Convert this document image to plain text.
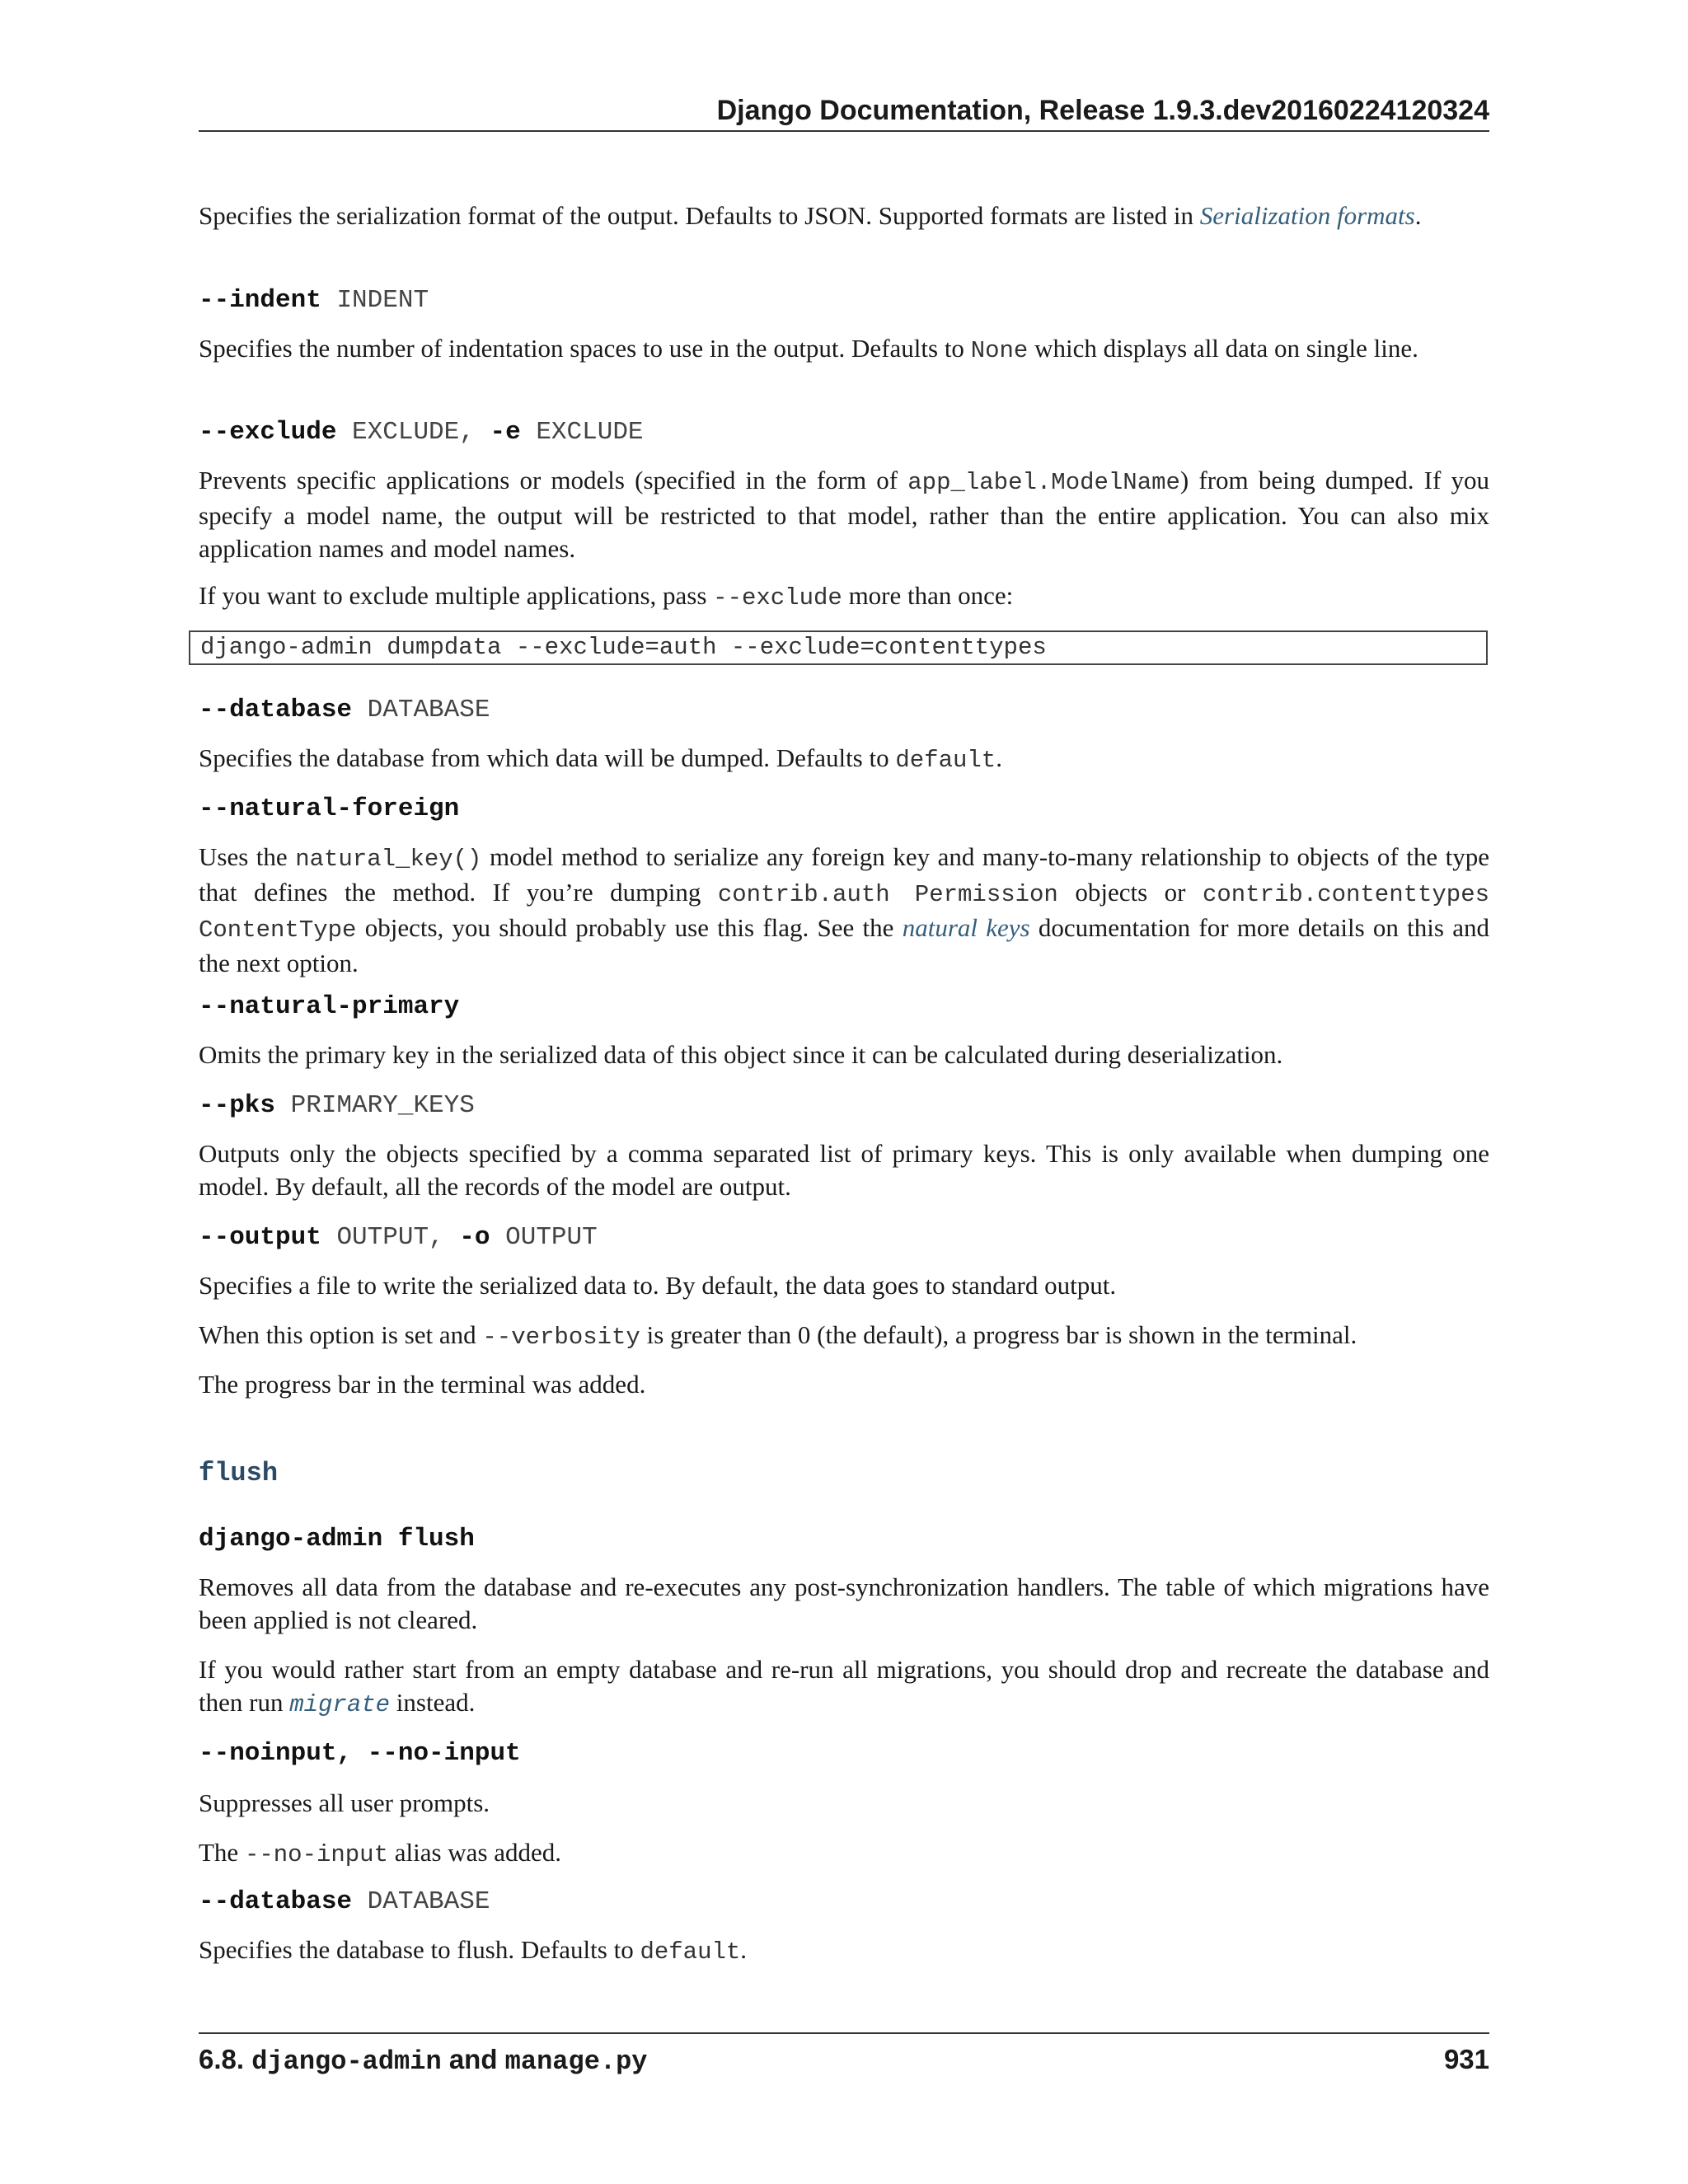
Django Documentation, Release 1.9.3.dev20160224120324

Specifies the serialization format of the output. Defaults to JSON. Supported formats are listed in Serialization formats.

--indent INDENT

Specifies the number of indentation spaces to use in the output. Defaults to None which displays all data on single line.

--exclude EXCLUDE, -e EXCLUDE

Prevents specific applications or models (specified in the form of app_label.ModelName) from being dumped. If you specify a model name, the output will be restricted to that model, rather than the entire application. You can also mix application names and model names.

If you want to exclude multiple applications, pass --exclude more than once:

django-admin dumpdata --exclude=auth --exclude=contenttypes
--database DATABASE

Specifies the database from which data will be dumped. Defaults to default.

--natural-foreign

Uses the natural_key() model method to serialize any foreign key and many-to-many relationship to objects of the type that defines the method. If you’re dumping contrib.auth Permission objects or contrib.contenttypes ContentType objects, you should probably use this flag. See the natural keys documentation for more details on this and the next option.

--natural-primary

Omits the primary key in the serialized data of this object since it can be calculated during deserialization.

--pks PRIMARY_KEYS

Outputs only the objects specified by a comma separated list of primary keys. This is only available when dumping one model. By default, all the records of the model are output.

--output OUTPUT, -o OUTPUT

Specifies a file to write the serialized data to. By default, the data goes to standard output.

When this option is set and --verbosity is greater than 0 (the default), a progress bar is shown in the terminal.

The progress bar in the terminal was added.

flush
django-admin flush

Removes all data from the database and re-executes any post-synchronization handlers. The table of which migrations have been applied is not cleared.

If you would rather start from an empty database and re-run all migrations, you should drop and recreate the database and then run migrate instead.

--noinput, --no-input

Suppresses all user prompts.

The --no-input alias was added.

--database DATABASE

Specifies the database to flush. Defaults to default.

6.8. django-admin and manage.py	931
